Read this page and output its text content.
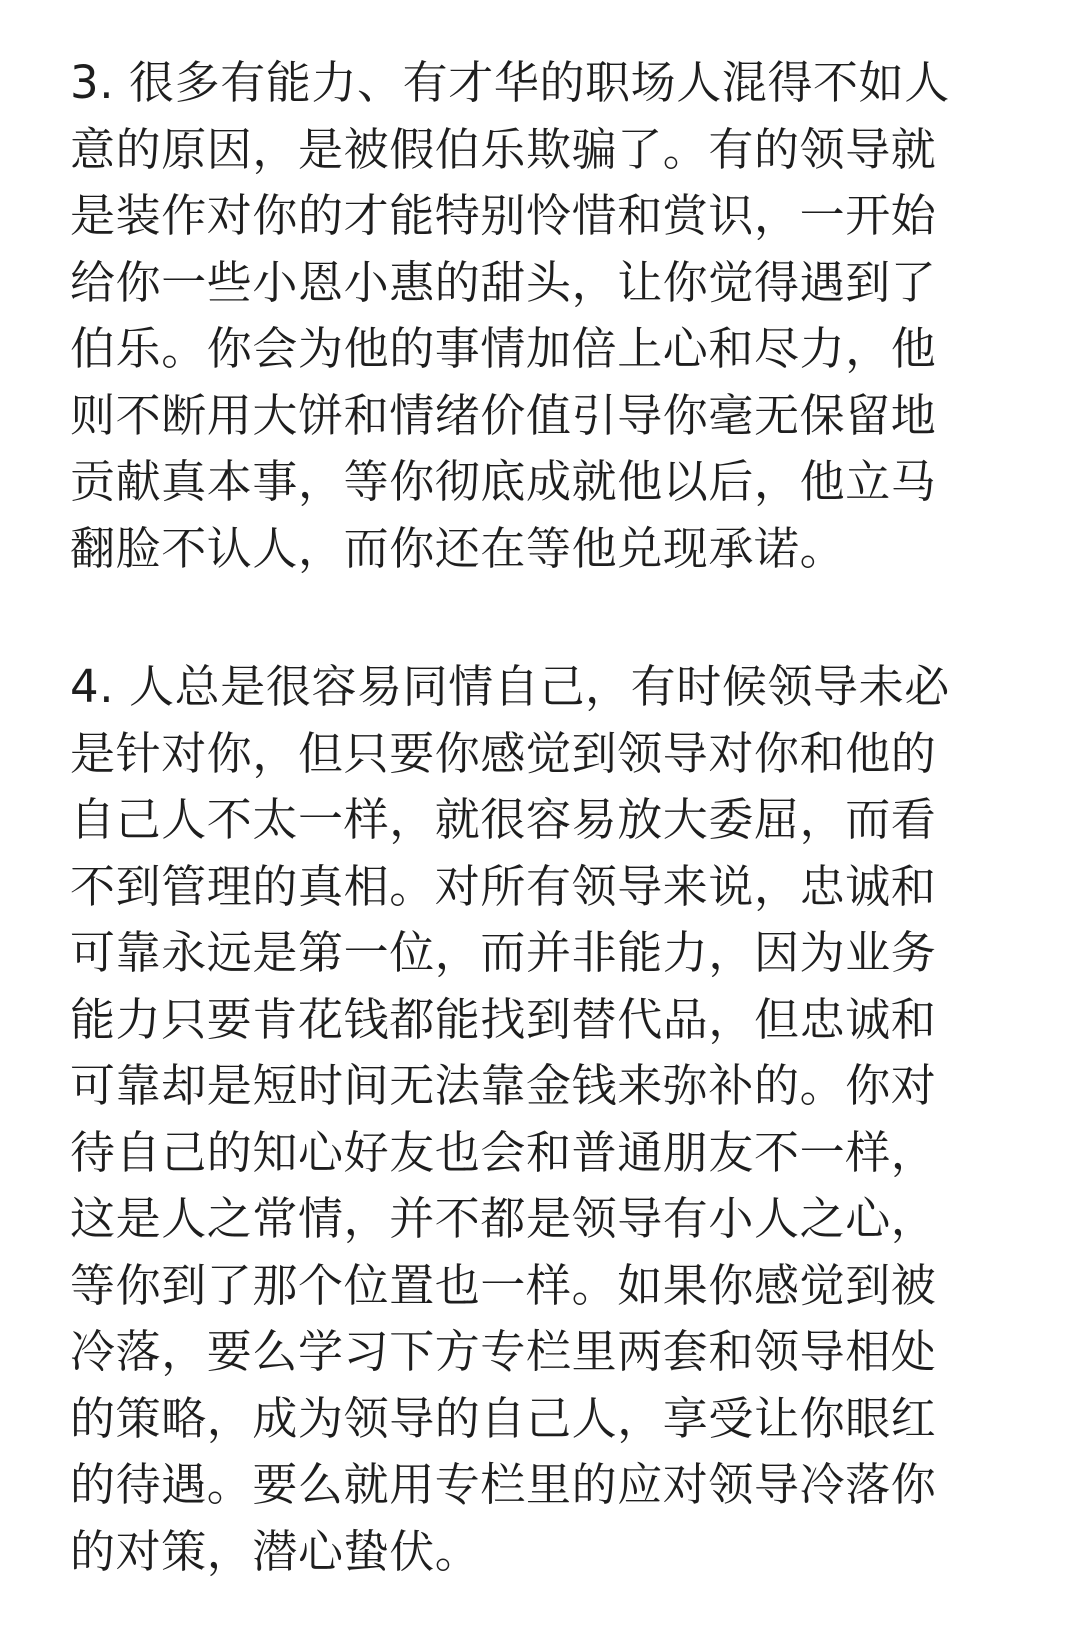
3. 很多有能力、有才华的职场人混得不如人
意的原因，是被假伯乐欺骗了。有的领导就
是装作对你的才能特别怜惜和赏识，一开始
给你一些小恩小惠的甜头，让你觉得遇到了
伯乐。你会为他的事情加倍上心和尽力，他
则不断用大饼和情绪价值引导你毫无保留地
贡献真本事，等你彻底成就他以后，他立马
翻脸不认人，而你还在等他兑现承诺。
4. 人总是很容易同情自己，有时候领导未必
是针对你，但只要你感觉到领导对你和他的
自己人不太一样，就很容易放大委屈，而看
不到管理的真相。对所有领导来说，忠诚和
可靠永远是第一位，而并非能力，因为业务
能力只要肯花钱都能找到替代品，但忠诚和
可靠却是短时间无法靠金钱来弥补的。你对
待自己的知心好友也会和普通朋友不一样，
这是人之常情，并不都是领导有小人之心，
等你到了那个位置也一样。如果你感觉到被
冷落，要么学习下方专栏里两套和领导相处
的策略，成为领导的自己人，享受让你眼红
的待遇。要么就用专栏里的应对领导冷落你
的对策，潜心蛰伏。
